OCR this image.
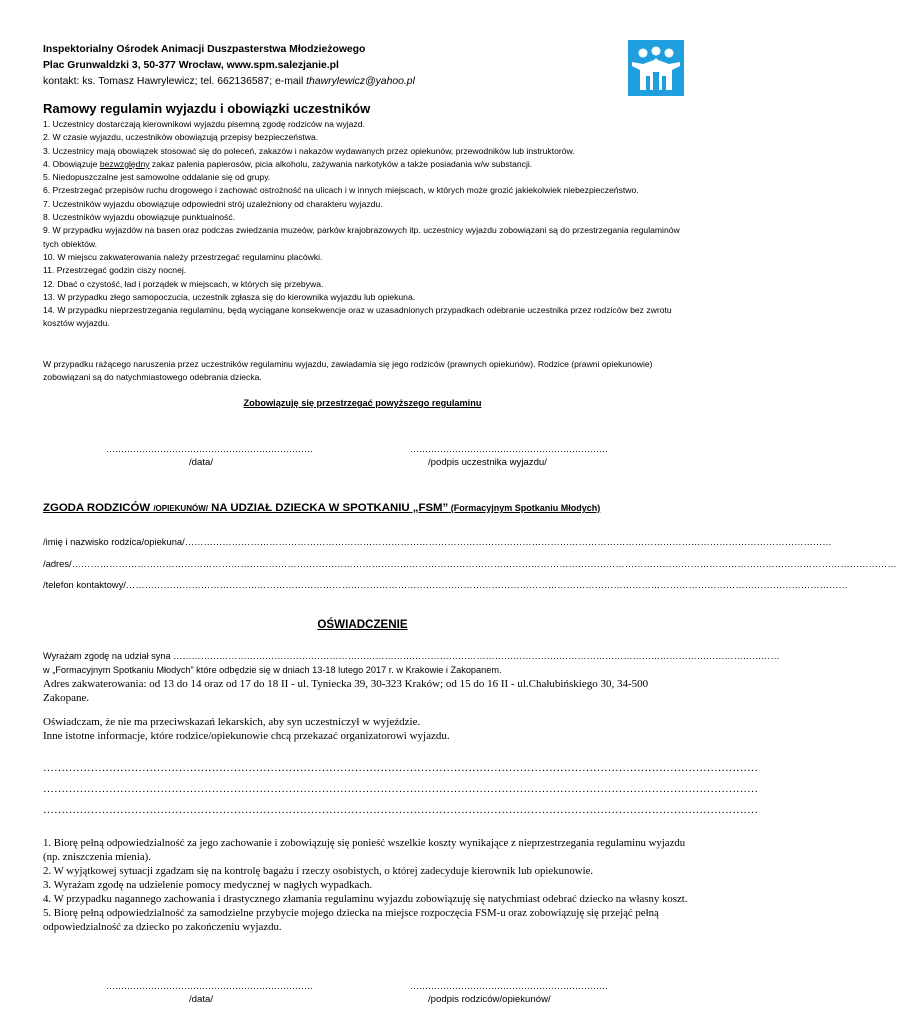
Inspektorialny Ośrodek Animacji Duszpasterstwa Młodzieżowego
Plac Grunwaldzki 3, 50-377 Wrocław, www.spm.salezjanie.pl
kontakt: ks. Tomasz Hawrylewicz; tel. 662136587; e-mail thawrylewicz@yahoo.pl
Ramowy regulamin wyjazdu i obowiązki uczestników
1. Uczestnicy dostarczają kierownikowi wyjazdu pisemną zgodę rodziców na wyjazd.
2. W czasie wyjazdu, uczestników obowiązują przepisy bezpieczeństwa.
3. Uczestnicy mają obowiązek stosować się do poleceń, zakazów i nakazów wydawanych przez opiekunów, przewodników lub instruktorów.
4. Obowiązuje bezwzględny zakaz palenia papierosów, picia alkoholu, zażywania narkotyków a także posiadania w/w substancji.
5. Niedopuszczalne jest samowolne oddalanie się od grupy.
6. Przestrzegać przepisów ruchu drogowego i zachować ostrożność na ulicach i w innych miejscach, w których może grozić jakiekolwiek niebezpieczeństwo.
7. Uczestników wyjazdu obowiązuje odpowiedni strój uzależniony od charakteru wyjazdu.
8. Uczestników wyjazdu obowiązuje punktualność.
9. W przypadku wyjazdów na basen oraz podczas zwiedzania muzeów, parków krajobrazowych itp. uczestnicy wyjazdu zobowiązani są do przestrzegania regulaminów tych obiektów.
10. W miejscu zakwaterowania należy przestrzegać regulaminu placówki.
11. Przestrzegać godzin ciszy nocnej.
12. Dbać o czystość, ład i porządek w miejscach, w których się przebywa.
13. W przypadku złego samopoczucia, uczestnik zgłasza się do kierownika wyjazdu lub opiekuna.
14. W przypadku nieprzestrzegania regulaminu, będą wyciągane konsekwencje oraz w uzasadnionych przypadkach odebranie uczestnika przez rodziców bez zwrotu kosztów wyjazdu.
W przypadku rażącego naruszenia przez uczestników regulaminu wyjazdu, zawiadamia się jego rodziców (prawnych opiekunów). Rodzice (prawni opiekunowie) zobowiązani są do natychmiastowego odebrania dziecka.
Zobowiązuję się przestrzegać powyższego regulaminu
……………………………………………………………	…………………………………………………………
/data/	/podpis uczestnika wyjazdu/
ZGODA RODZICÓW /OPIEKUNÓW/ NA UDZIAŁ DZIECKA W SPOTKANIU „FSM” (Formacyjnym Spotkaniu Młodych)
/imię i nazwisko rodzica/opiekuna/………………………………………………………………………………………………………………………………………………………………………………………
/adres/…………………………………………………………………………………………………………………………………………………………………………………………………………………………………………
/telefon kontaktowy/……………………………………………………………………………………………………………………………………………………………………………………………………………
OŚWIADCZENIE
Wyrażam zgodę na udział syna ………………………………………………………………………………………………………………………………………………………………………………
w „Formacyjnym Spotkaniu Młodych” które odbędzie się w dniach 13-18 lutego 2017 r. w Krakowie i Zakopanem.
Adres zakwaterowania: od 13 do 14 oraz od 17 do 18 II - ul. Tyniecka 39, 30-323 Kraków; od 15 do 16 II - ul.Chałubińskiego 30, 34-500 Zakopane.
Oświadczam, że nie ma przeciwskazań lekarskich, aby syn uczestniczył w wyjeździe.
Inne istotne informacje, które rodzice/opiekunowie chcą przekazać organizatorowi wyjazdu.
……………………………………………………………………………………………………………………………………………………………………………
……………………………………………………………………………………………………………………………………………………………………………
……………………………………………………………………………………………………………………………………………………………………………
1. Biorę pełną odpowiedzialność za jego zachowanie i zobowiązuję się ponieść wszelkie koszty wynikające z nieprzestrzegania regulaminu wyjazdu (np. zniszczenia mienia).
2. W wyjątkowej sytuacji zgadzam się na kontrolę bagażu i rzeczy osobistych, o której zadecyduje kierownik lub opiekunowie.
3. Wyrażam zgodę na udzielenie pomocy medycznej w nagłych wypadkach.
4. W przypadku nagannego zachowania i drastycznego złamania regulaminu wyjazdu zobowiązuję się natychmiast odebrać dziecko na własny koszt.
5. Biorę pełną odpowiedzialność za samodzielne przybycie mojego dziecka na miejsce rozpoczęcia FSM-u oraz zobowiązuję się przejąć pełną odpowiedzialność za dziecko po zakończeniu wyjazdu.
……………………………………………………………	…………………………………………………………
/data/	/podpis rodziców/opiekunów/
